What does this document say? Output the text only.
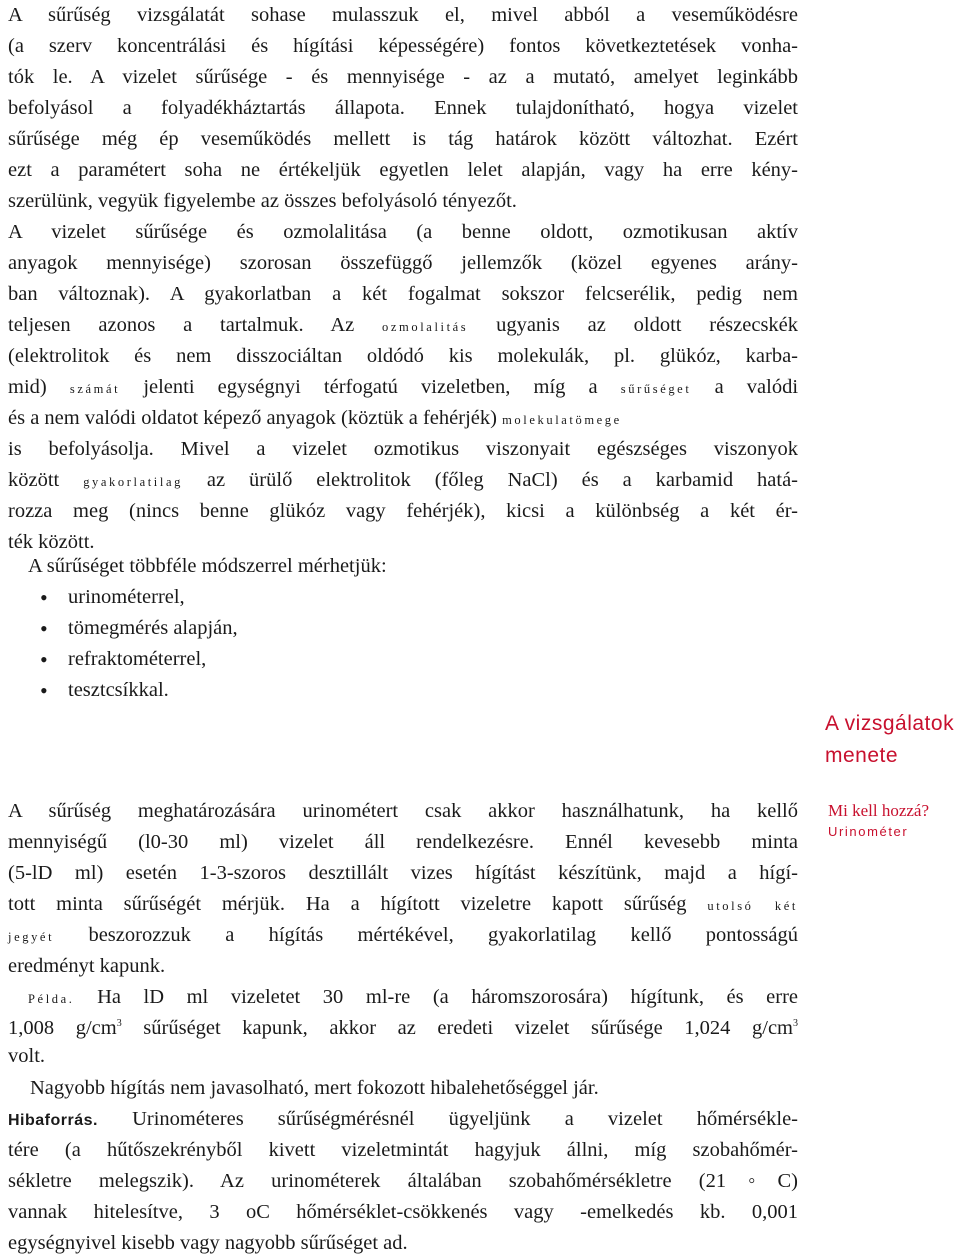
A sűrűség vizsgálatát sohase mulasszuk el, mivel abból a veseműködésre
(a szerv koncentrálási és hígítási képességére) fontos következtetések vonha-
tók le. A vizelet sűrűsége - és mennyisége - az a mutató, amelyet leginkább
befolyásol a folyadékháztartás állapota. Ennek tulajdonítható, hogya vizelet
sűrűsége még ép veseműködés mellett is tág határok között változhat. Ezért
ezt a paramétert soha ne értékeljük egyetlen lelet alapján, vagy ha erre kény-
szerülünk, vegyük figyelembe az összes befolyásoló tényezőt.
A vizelet sűrűsége és ozmolalitása (a benne oldott, ozmotikusan aktív
anyagok mennyisége) szorosan összefüggő jellemzők (közel egyenes arány-
ban változnak). A gyakorlatban a két fogalmat sokszor felcserélik, pedig nem
teljesen azonos a tartalmuk. Az ozmolalitás ugyanis az oldott részecskék
(elektrolitok és nem disszociáltan oldódó kis molekulák, pl. glükóz, karba-
mid) számát jelenti egységnyi térfogatú vizeletben, míg a sűrűséget a valódi
és a nem valódi oldatot képező anyagok (köztük a fehérjék) molekulatömege
is befolyásolja. Mivel a vizelet ozmotikus viszonyait egészséges viszonyok
között gyakorlatilag az ürülő elektrolitok (főleg NaCl) és a karbamid hatá-
rozza meg (nincs benne glükóz vagy fehérjék), kicsi a különbség a két ér-
ték között.
A sűrűséget többféle módszerrel mérhetjük:
• urinométerrel,
• tömegmérés alapján,
• refraktométerrel,
• tesztcsíkkal.
A vizsgálatok
menete
Mi kell hozzá?
Urinométer
A sűrűség meghatározására urinométert csak akkor használhatunk, ha kellő
mennyiségű (l0-30 ml) vizelet áll rendelkezésre. Ennél kevesebb minta
(5-lD ml) esetén 1-3-szoros desztillált vizes hígítást készítünk, majd a hígí-
tott minta sűrűségét mérjük. Ha a hígított vizeletre kapott sűrűség utolsó két
jegyét beszorozzuk a hígítás mértékével, gyakorlatilag kellő pontosságú
eredményt kapunk.
Példa. Ha lD ml vizeletet 30 ml-re (a háromszorosára) hígítunk, és erre
1,008 $g/cm^3$ sűrűséget kapunk, akkor az eredeti vizelet sűrűsége 1,024 $g/cm^3$
volt.
Nagyobb hígítás nem javasolható, mert fokozott hibalehetőséggel jár.
Hibaforrás. Urinométeres sűrűségmérésnél ügyeljünk a vizelet hőmérsékle-
tére (a hűtőszekrényből kivett vizeletmintát hagyjuk állni, míg szobahőmér-
sékletre melegszik). Az urinométerek általában szobahőmérsékletre (21◦C)
vannak hitelesítve, 3 oC hőmérséklet-csökkenés vagy -emelkedés kb. 0,001
egységnyivel kisebb vagy nagyobb sűrűséget ad.
